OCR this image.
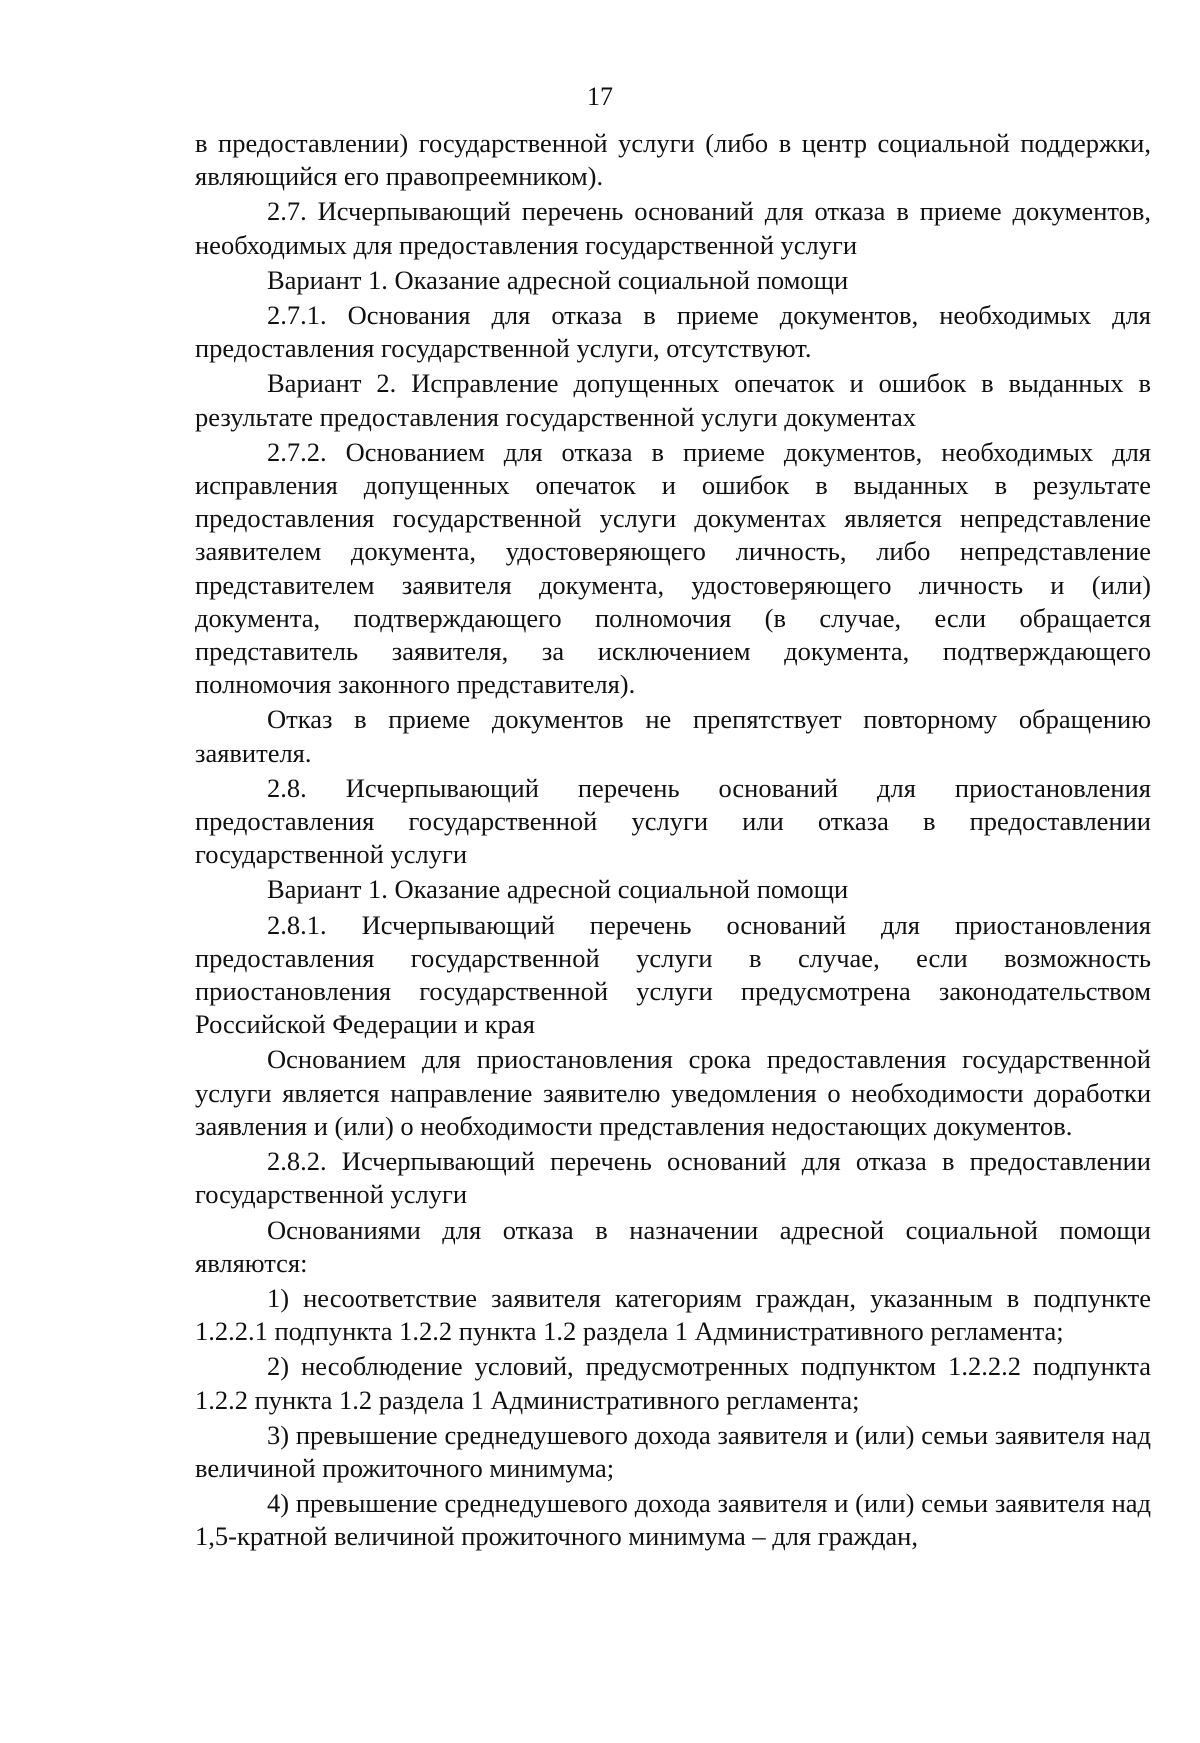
17

в предоставлении) государственной услуги (либо в центр социальной поддержки, являющийся его правопреемником).

2.7. Исчерпывающий перечень оснований для отказа в приеме документов, необходимых для предоставления государственной услуги

Вариант 1. Оказание адресной социальной помощи

2.7.1. Основания для отказа в приеме документов, необходимых для предоставления государственной услуги, отсутствуют.

Вариант 2. Исправление допущенных опечаток и ошибок в выданных в результате предоставления государственной услуги документах

2.7.2. Основанием для отказа в приеме документов, необходимых для исправления допущенных опечаток и ошибок в выданных в результате предоставления государственной услуги документах является непредставление заявителем документа, удостоверяющего личность, либо непредставление представителем заявителя документа, удостоверяющего личность и (или) документа, подтверждающего полномочия (в случае, если обращается представитель заявителя, за исключением документа, подтверждающего полномочия законного представителя).

Отказ в приеме документов не препятствует повторному обращению заявителя.

2.8. Исчерпывающий перечень оснований для приостановления предоставления государственной услуги или отказа в предоставлении государственной услуги

Вариант 1. Оказание адресной социальной помощи

2.8.1. Исчерпывающий перечень оснований для приостановления предоставления государственной услуги в случае, если возможность приостановления государственной услуги предусмотрена законодательством Российской Федерации и края

Основанием для приостановления срока предоставления государственной услуги является направление заявителю уведомления о необходимости доработки заявления и (или) о необходимости представления недостающих документов.

2.8.2. Исчерпывающий перечень оснований для отказа в предоставлении государственной услуги

Основаниями для отказа в назначении адресной социальной помощи являются:

1) несоответствие заявителя категориям граждан, указанным в подпункте 1.2.2.1 подпункта 1.2.2 пункта 1.2 раздела 1 Административного регламента;

2) несоблюдение условий, предусмотренных подпунктом 1.2.2.2 подпункта 1.2.2 пункта 1.2 раздела 1 Административного регламента;

3) превышение среднедушевого дохода заявителя и (или) семьи заявителя над величиной прожиточного минимума;

4) превышение среднедушевого дохода заявителя и (или) семьи заявителя над 1,5-кратной величиной прожиточного минимума – для граждан,
